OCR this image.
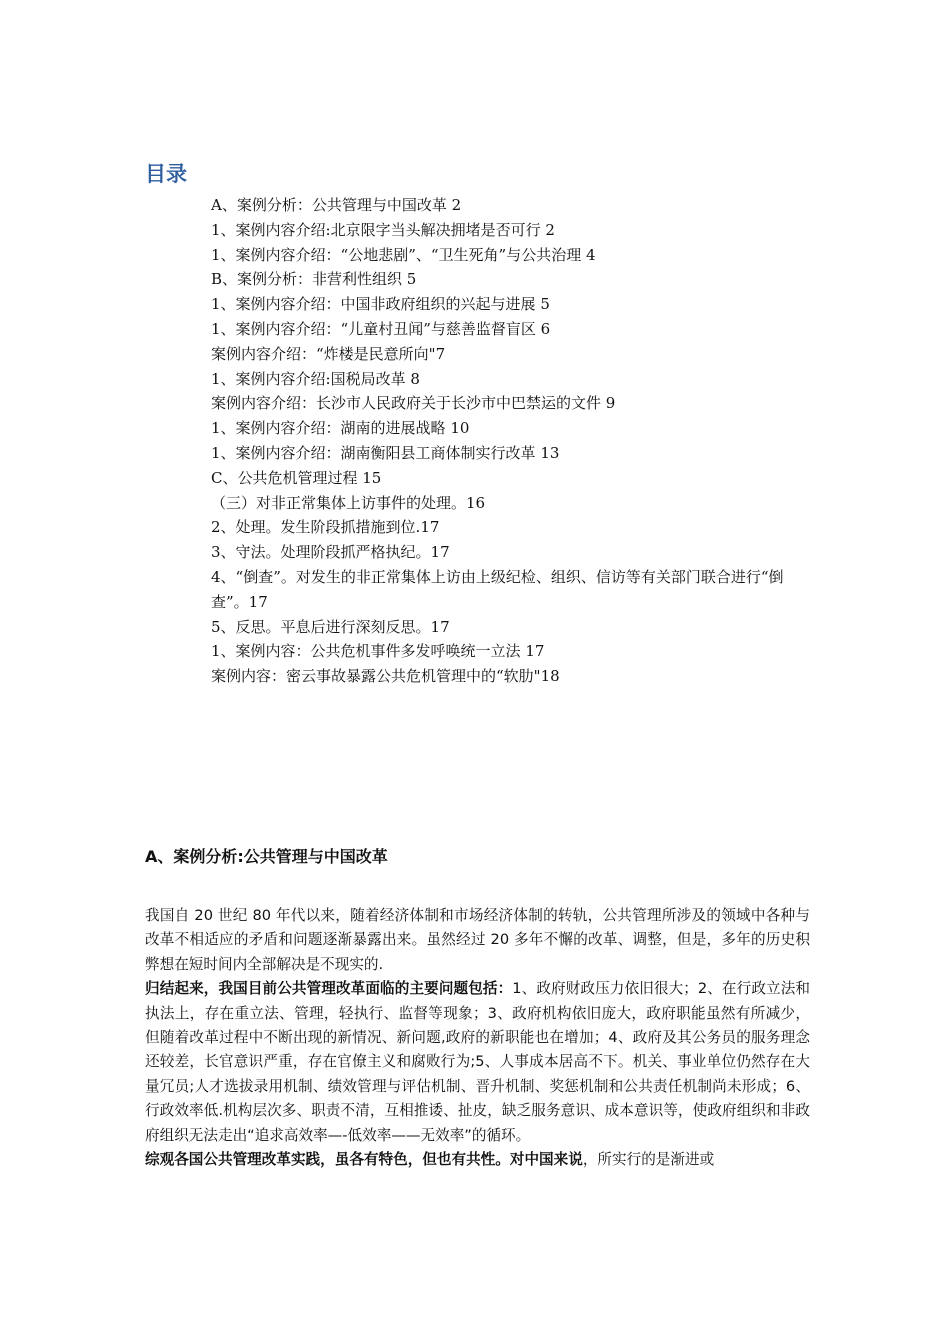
目录
A、案例分析：公共管理与中国改革 2
1、案例内容介绍:北京限字当头解决拥堵是否可行 2
1、案例内容介绍：“公地悲剧”、“卫生死角”与公共治理 4
B、案例分析：非营利性组织 5
1、案例内容介绍：中国非政府组织的兴起与进展 5
1、案例内容介绍：“儿童村丑闻”与慈善监督盲区 6
案例内容介绍：“炸楼是民意所向"7
1、案例内容介绍:国税局改革 8
案例内容介绍：长沙市人民政府关于长沙市中巴禁运的文件 9
1、案例内容介绍：湖南的进展战略 10
1、案例内容介绍：湖南衡阳县工商体制实行改革 13
C、公共危机管理过程 15
（三）对非正常集体上访事件的处理。16
2、处理。发生阶段抓措施到位.17
3、守法。处理阶段抓严格执纪。17
4、“倒查”。对发生的非正常集体上访由上级纪检、组织、信访等有关部门联合进行“倒查”。17
5、反思。平息后进行深刻反思。17
1、案例内容：公共危机事件多发呼唤统一立法 17
案例内容：密云事故暴露公共危机管理中的“软肋"18
A、案例分析:公共管理与中国改革

我国自 20 世纪 80 年代以来，随着经济体制和市场经济体制的转轨，公共管理所涉及的领域中各种与改革不相适应的矛盾和问题逐渐暴露出来。虽然经过 20 多年不懈的改革、调整，但是，多年的历史积弊想在短时间内全部解决是不现实的.

归结起来，我国目前公共管理改革面临的主要问题包括：1、政府财政压力依旧很大；2、在行政立法和执法上，存在重立法、管理，轻执行、监督等现象；3、政府机构依旧庞大，政府职能虽然有所减少，但随着改革过程中不断出现的新情况、新问题,政府的新职能也在增加；4、政府及其公务员的服务理念还较差，长官意识严重，存在官僚主义和腐败行为;5、人事成本居高不下。机关、事业单位仍然存在大量冗员;人才选拔录用机制、绩效管理与评估机制、晋升机制、奖惩机制和公共责任机制尚未形成；6、行政效率低.机构层次多、职责不清，互相推诿、扯皮，缺乏服务意识、成本意识等，使政府组织和非政府组织无法走出“追求高效率—-低效率——无效率”的循环。

综观各国公共管理改革实践，虽各有特色，但也有共性。对中国来说，所实行的是渐进或
